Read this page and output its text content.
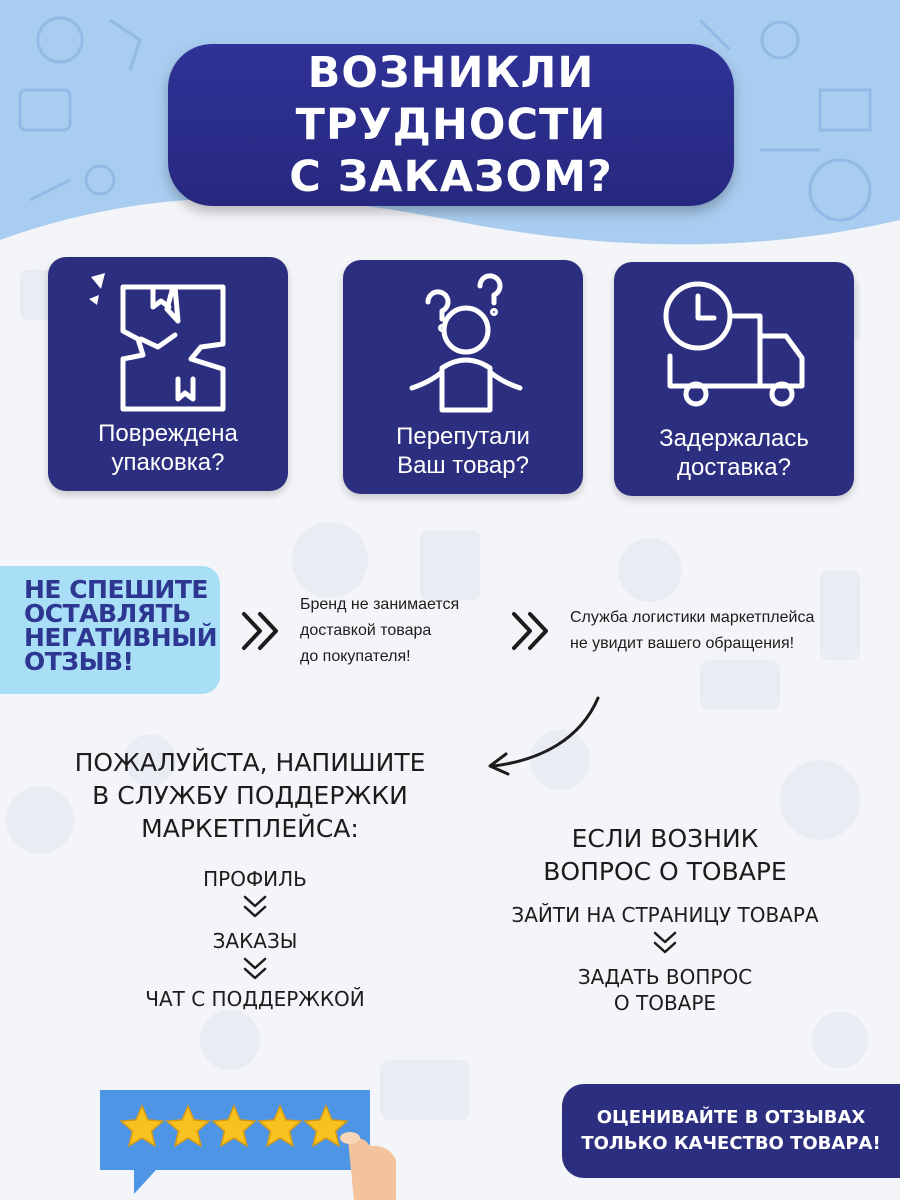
ВОЗНИКЛИ ТРУДНОСТИ
С ЗАКАЗОМ?
Повреждена
упаковка?
Перепутали
Ваш товар?
Задержалась
доставка?
НЕ СПЕШИТЕ
ОСТАВЛЯТЬ
НЕГАТИВНЫЙ
ОТЗЫВ!
Бренд не занимается
доставкой товара
до покупателя!
Служба логистики маркетплейса
не увидит вашего обращения!
ПОЖАЛУЙСТА, НАПИШИТЕ
В СЛУЖБУ ПОДДЕРЖКИ
МАРКЕТПЛЕЙСА:
ПРОФИЛЬ
ЗАКАЗЫ
ЧАТ С ПОДДЕРЖКОЙ
ЕСЛИ ВОЗНИК
ВОПРОС О ТОВАРЕ
ЗАЙТИ НА СТРАНИЦУ ТОВАРА
ЗАДАТЬ ВОПРОС
О ТОВАРЕ
ОЦЕНИВАЙТЕ В ОТЗЫВАХ
ТОЛЬКО КАЧЕСТВО ТОВАРА!
